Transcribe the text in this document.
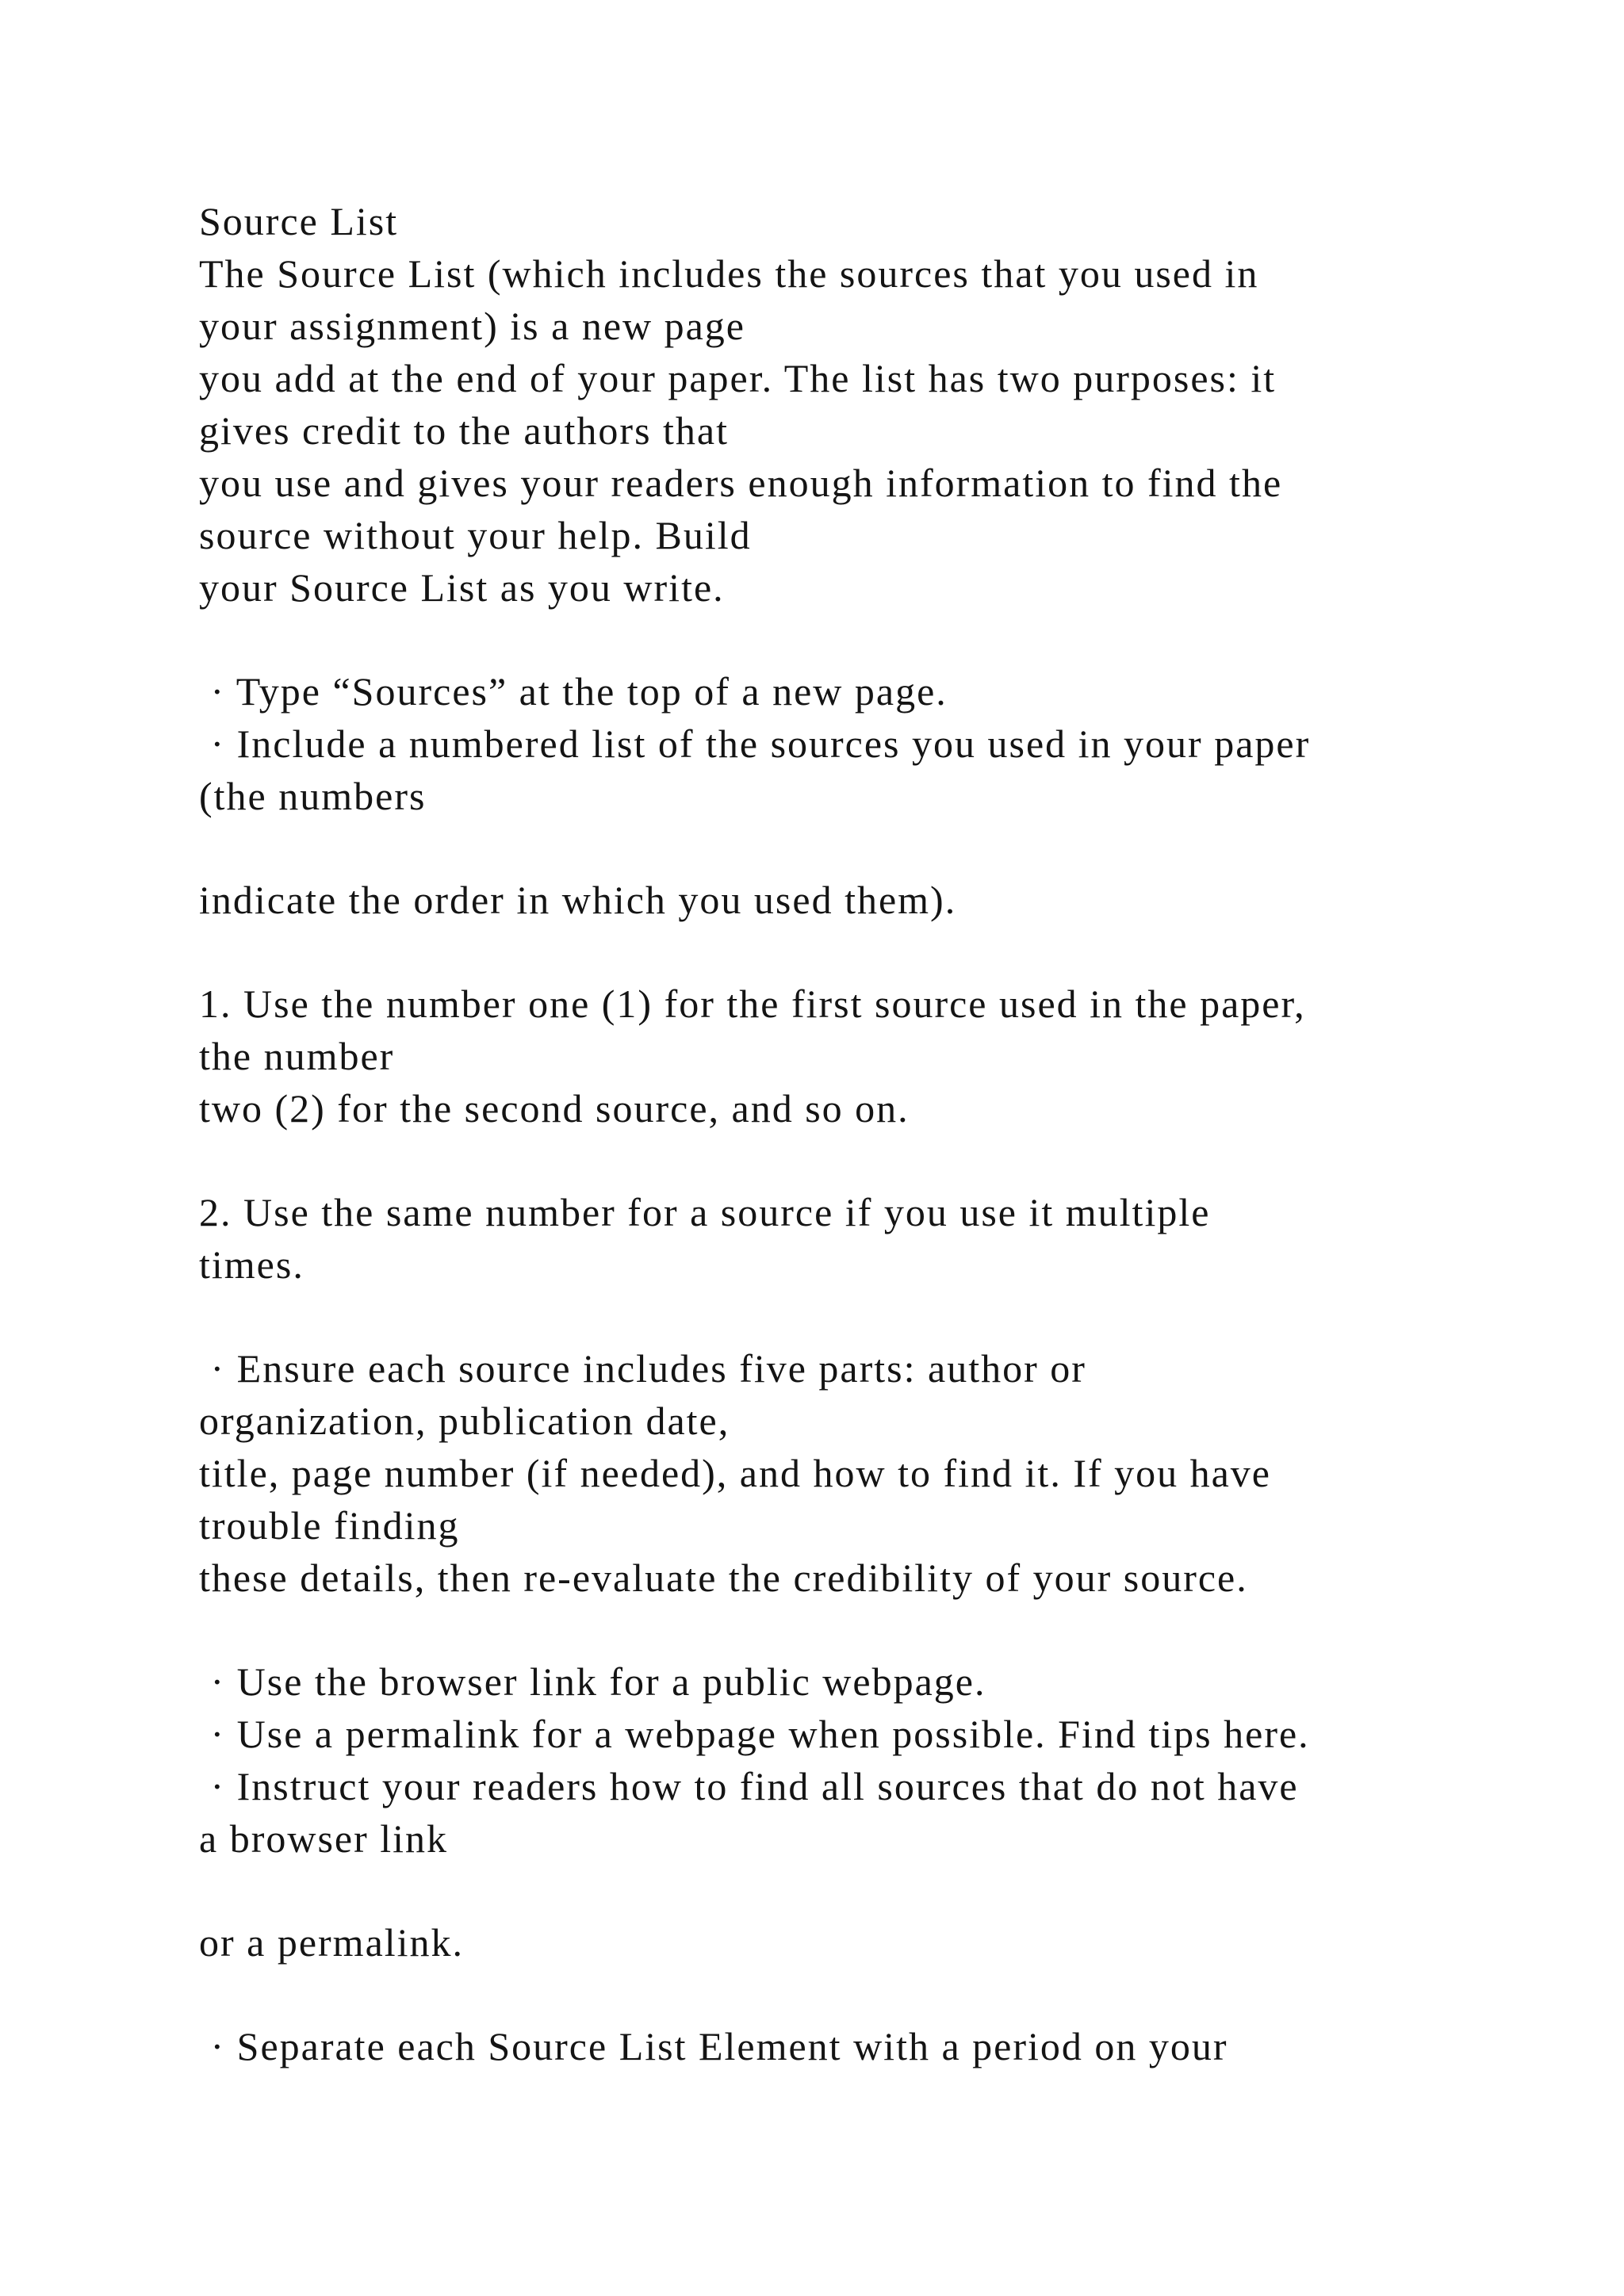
Source List
The Source List (which includes the sources that you used in
your assignment) is a new page
you add at the end of your paper. The list has two purposes: it
gives credit to the authors that
you use and gives your readers enough information to find the
source without your help. Build
your Source List as you write.
· Type “Sources” at the top of a new page.
· Include a numbered list of the sources you used in your paper
(the numbers
indicate the order in which you used them).
1. Use the number one (1) for the first source used in the paper,
the number
two (2) for the second source, and so on.
2. Use the same number for a source if you use it multiple
times.
· Ensure each source includes five parts: author or
organization, publication date,
title, page number (if needed), and how to find it. If you have
trouble finding
these details, then re-evaluate the credibility of your source.
· Use the browser link for a public webpage.
· Use a permalink for a webpage when possible. Find tips here.
· Instruct your readers how to find all sources that do not have
a browser link
or a permalink.
· Separate each Source List Element with a period on your
